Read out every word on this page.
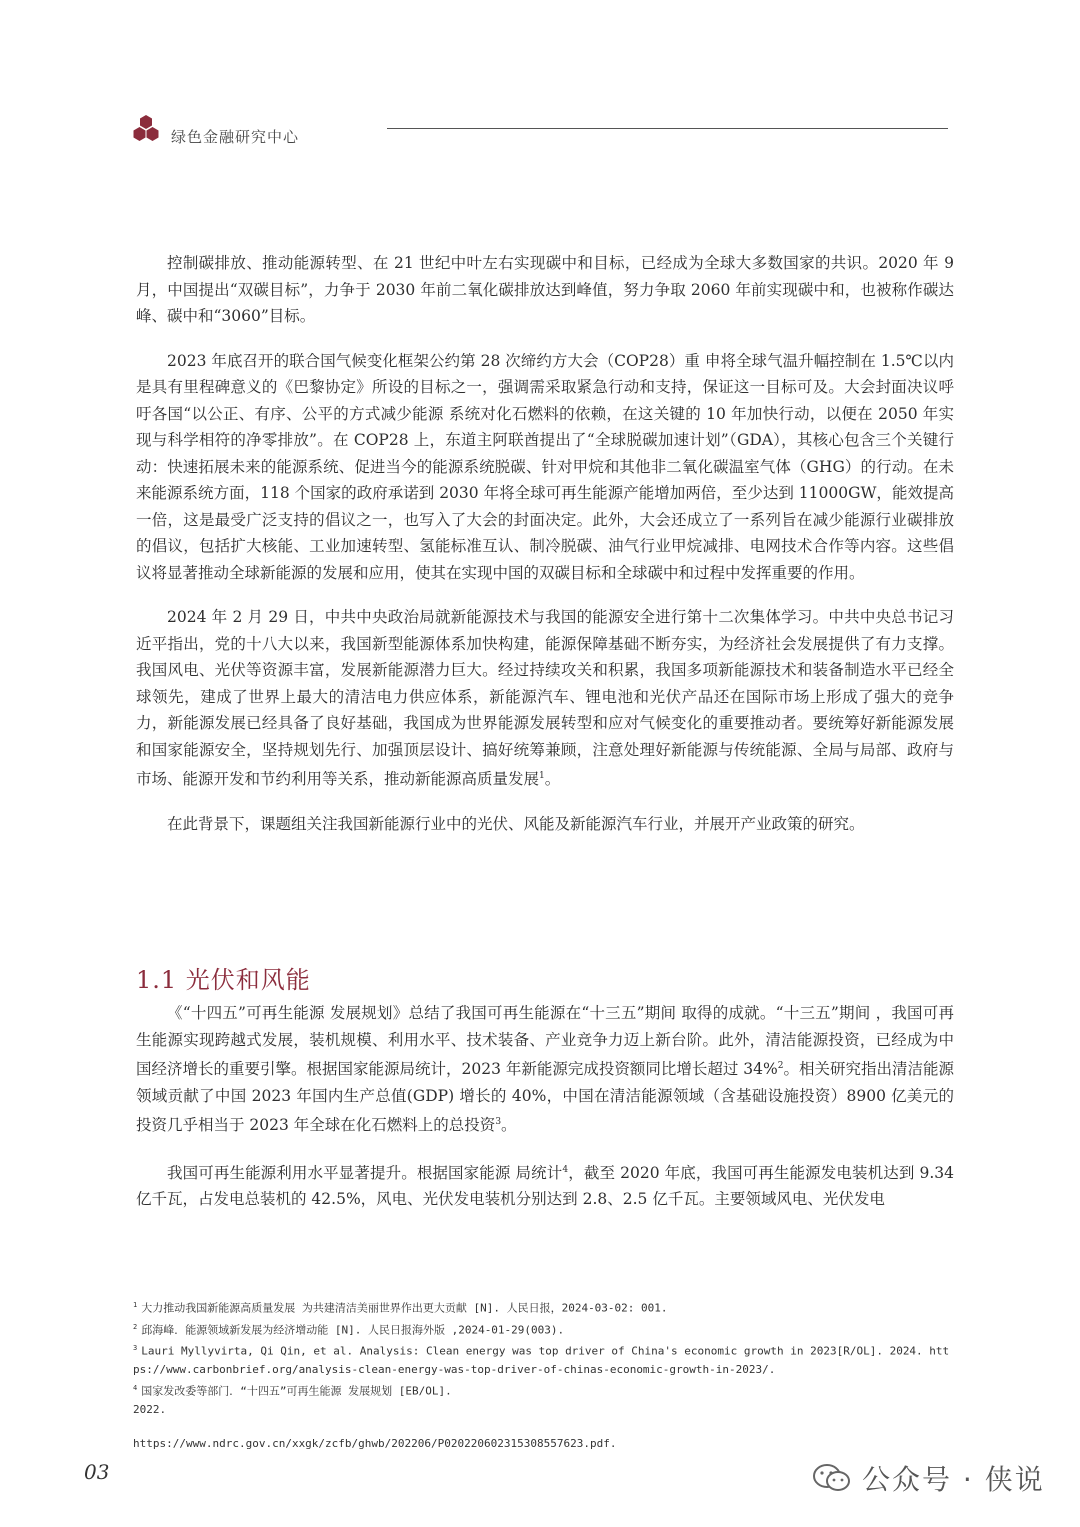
绿色金融研究中心

控制碳排放、推动能源转型、在 21 世纪中叶左右实现碳中和目标，已经成为全球大多数国家的共识。2020 年 9 月，中国提出“双碳目标”，力争于 2030 年前二氧化碳排放达到峰值，努力争取 2060 年前实现碳中和，也被称作碳达峰、碳中和“3060”目标。

2023 年底召开的联合国气候变化框架公约第 28 次缔约方大会（COP28）重 申将全球气温升幅控制在 1.5℃以内是具有里程碑意义的《巴黎协定》所设的目标之一，强调需采取紧急行动和支持，保证这一目标可及。大会封面决议呼吁各国“以公正、有序、公平的方式减少能源 系统对化石燃料的依赖，在这关键的 10 年加快行动，以便在 2050 年实现与科学相符的净零排放”。在 COP28 上，东道主阿联酋提出了“全球脱碳加速计划”（GDA），其核心包含三个关键行动：快速拓展未来的能源系统、促进当今的能源系统脱碳、针对甲烷和其他非二氧化碳温室气体（GHG）的行动。在未来能源系统方面，118 个国家的政府承诺到 2030 年将全球可再生能源产能增加两倍，至少达到 11000GW，能效提高一倍，这是最受广泛支持的倡议之一，也写入了大会的封面决定。此外，大会还成立了一系列旨在减少能源行业碳排放的倡议，包括扩大核能、工业加速转型、氢能标准互认、制冷脱碳、油气行业甲烷减排、电网技术合作等内容。这些倡议将显著推动全球新能源的发展和应用，使其在实现中国的双碳目标和全球碳中和过程中发挥重要的作用。

2024 年 2 月 29 日，中共中央政治局就新能源技术与我国的能源安全进行第十二次集体学习。中共中央总书记习近平指出，党的十八大以来，我国新型能源体系加快构建，能源保障基础不断夯实，为经济社会发展提供了有力支撑。我国风电、光伏等资源丰富，发展新能源潜力巨大。经过持续攻关和积累，我国多项新能源技术和装备制造水平已经全球领先，建成了世界上最大的清洁电力供应体系，新能源汽车、锂电池和光伏产品还在国际市场上形成了强大的竞争力，新能源发展已经具备了良好基础，我国成为世界能源发展转型和应对气候变化的重要推动者。要统筹好新能源发展和国家能源安全，坚持规划先行、加强顶层设计、搞好统筹兼顾，注意处理好新能源与传统能源、全局与局部、政府与市场、能源开发和节约利用等关系，推动新能源高质量发展$^1$。

在此背景下，课题组关注我国新能源行业中的光伏、风能及新能源汽车行业，并展开产业政策的研究。

1.1 光伏和风能

《“十四五”可再生能源 发展规划》总结了我国可再生能源在“十三五”期间 取得的成就。“十三五”期间 ，我国可再生能源实现跨越式发展，装机规模、利用水平、技术装备、产业竞争力迈上新台阶。此外，清洁能源投资，已经成为中国经济增长的重要引擎。根据国家能源局统计，2023 年新能源完成投资额同比增长超过 34%$^2$。相关研究指出清洁能源领域贡献了中国 2023 年国内生产总值(GDP) 增长的 40%，中国在清洁能源领域（含基础设施投资）8900 亿美元的投资几乎相当于 2023 年全球在化石燃料上的总投资$^3$。

我国可再生能源利用水平显著提升。根据国家能源 局统计$^4$，截至 2020 年底，我国可再生能源发电装机达到 9.34 亿千瓦，占发电总装机的 42.5%，风电、光伏发电装机分别达到 2.8、2.5 亿千瓦。主要领域风电、光伏发电

$^1$ 大力推动我国新能源高质量发展 为共建清洁美丽世界作出更大贡献 [N]. 人民日报，2024-03-02: 001.

$^2$ 邱海峰．能源领域新发展为经济增动能 [N]. 人民日报海外版 ,2024-01-29(003).

$^3$ Lauri Myllyvirta, Qi Qin, et al. Analysis: Clean energy was top driver of China's economic growth in 2023[R/OL]. 2024. https://www.carbonbrief.org/analysis-clean-energy-was-top-driver-of-chinas-economic-growth-in-2023/.

$^4$ 国家发改委等部门．“十四五”可再生能源 发展规划 [EB/OL].

2022.

https://www.ndrc.gov.cn/xxgk/zcfb/ghwb/202206/P020220602315308557623.pdf.

03	公众号 · 侠说
